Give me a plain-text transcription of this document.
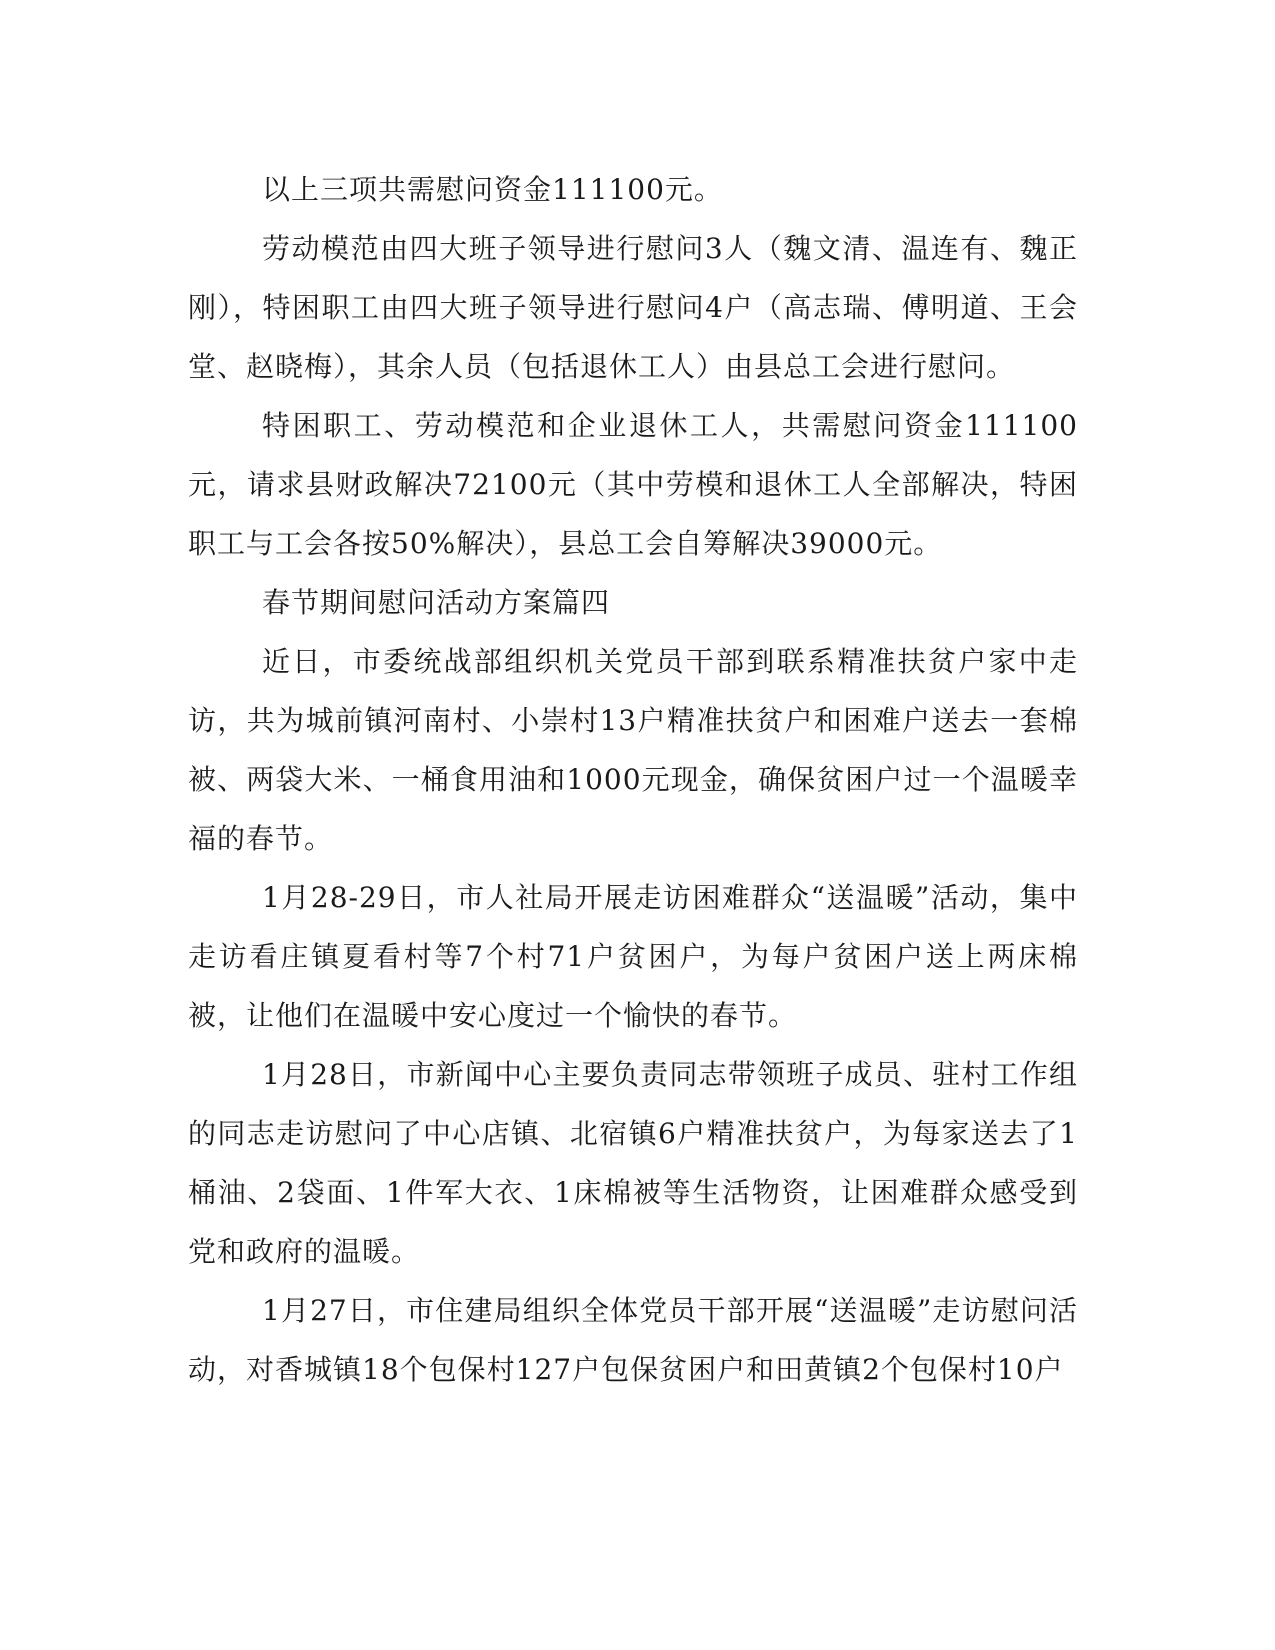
以上三项共需慰问资金111100元。

劳动模范由四大班子领导进行慰问3人（魏文清、温连有、魏正刚），特困职工由四大班子领导进行慰问4户（高志瑞、傅明道、王会堂、赵晓梅），其余人员（包括退休工人）由县总工会进行慰问。

特困职工、劳动模范和企业退休工人，共需慰问资金111100元，请求县财政解决72100元（其中劳模和退休工人全部解决，特困职工与工会各按50%解决），县总工会自筹解决39000元。

春节期间慰问活动方案篇四

近日，市委统战部组织机关党员干部到联系精准扶贫户家中走访，共为城前镇河南村、小崇村13户精准扶贫户和困难户送去一套棉被、两袋大米、一桶食用油和1000元现金，确保贫困户过一个温暖幸福的春节。

1月28-29日，市人社局开展走访困难群众“送温暖”活动，集中走访看庄镇夏看村等7个村71户贫困户，为每户贫困户送上两床棉被，让他们在温暖中安心度过一个愉快的春节。

1月28日，市新闻中心主要负责同志带领班子成员、驻村工作组的同志走访慰问了中心店镇、北宿镇6户精准扶贫户，为每家送去了1桶油、2袋面、1件军大衣、1床棉被等生活物资，让困难群众感受到党和政府的温暖。

1月27日，市住建局组织全体党员干部开展“送温暖”走访慰问活动，对香城镇18个包保村127户包保贫困户和田黄镇2个包保村10户
